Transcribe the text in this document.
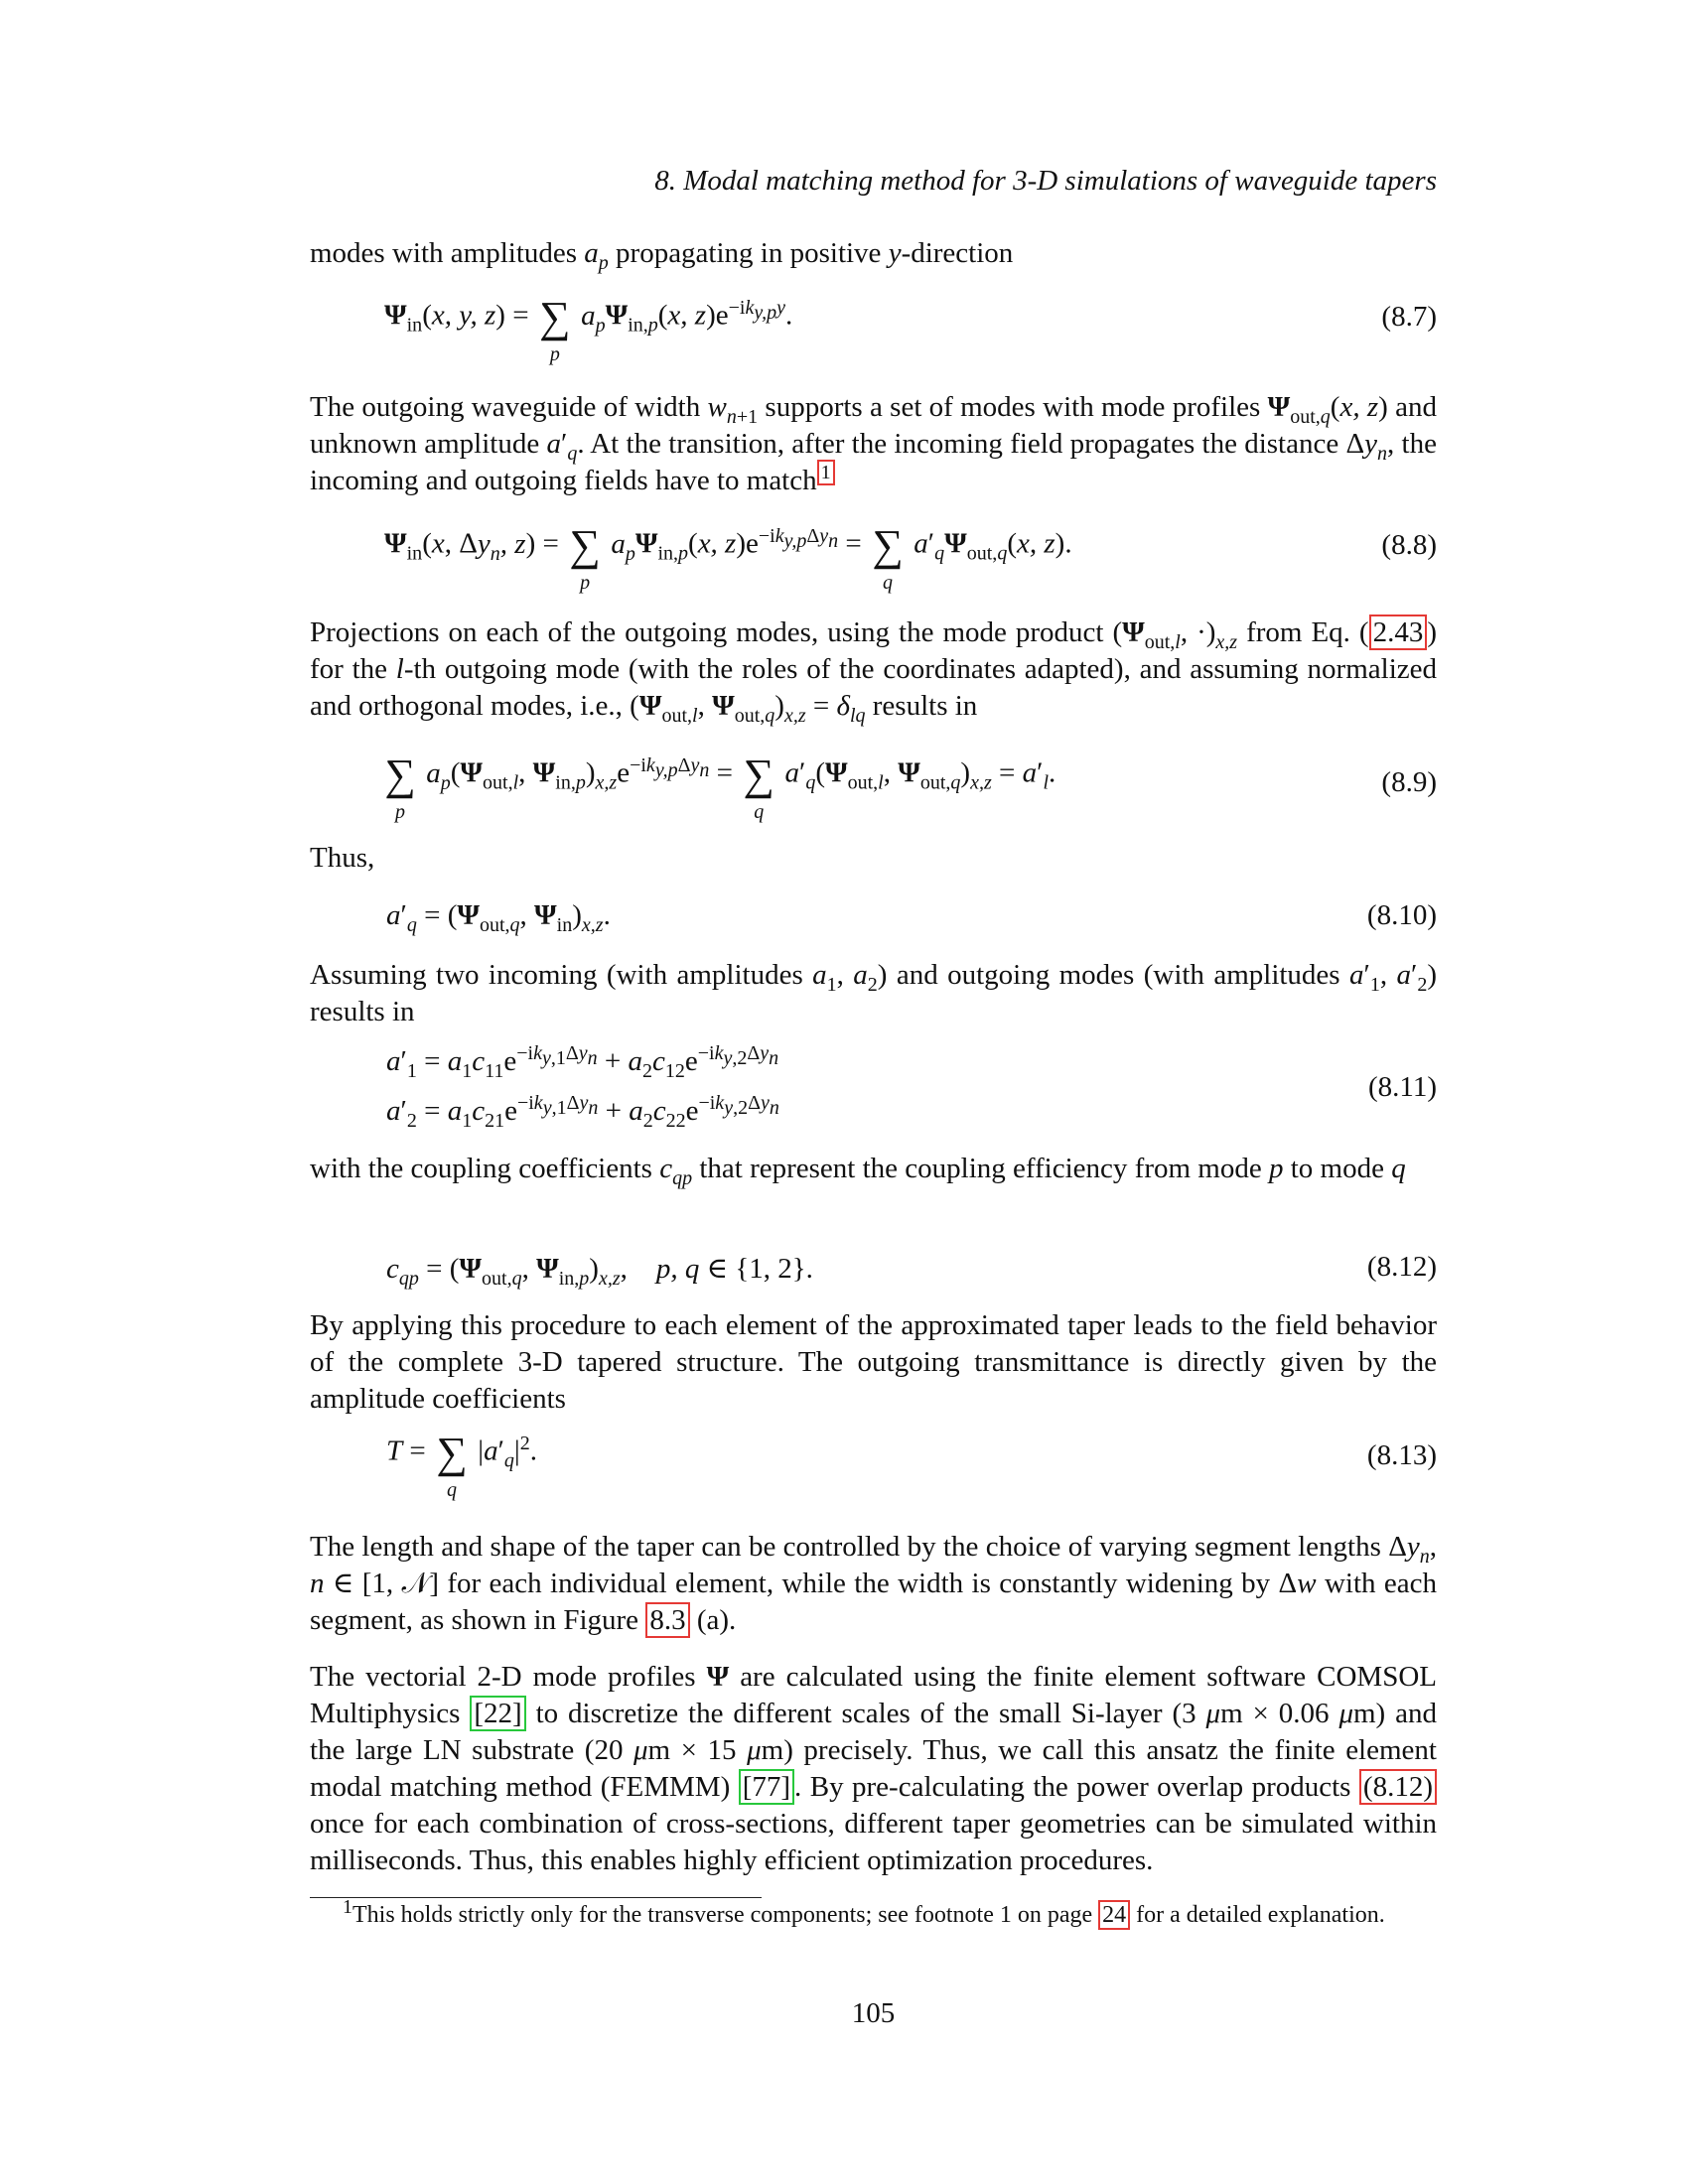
8. Modal matching method for 3-D simulations of waveguide tapers
modes with amplitudes $a_p$ propagating in positive y-direction
$\Psi_{in}(x$, y, z) = ∑
p
$a_p\Psi_{in,p}(x$, $z)e^{-ik_{y,p}y}$.	(8.7)
The outgoing waveguide of width $w_{n+1}$ supports a set of modes with mode profiles $\Psi_{out,q}(x$, z) and unknown amplitude $a'_q$. At the transition, after the incoming field propagates the distance $\Delta y_n$, the incoming and outgoing fields have to match $^1$
$\Psi_{in}(x$, $\Delta y_n$, z) = ∑
p
$a_p\Psi_{in,p}(x$, $z)e^{-ik_{y,p}\Delta y_n}$ = ∑
q
$a'_q\Psi_{out,q}(x$, z).	(8.8)
Projections on each of the outgoing modes, using the mode product ($\Psi_{out,l}$, $\cdot)_{x,z}$ from Eq. ( 2.43 ) for the l-th outgoing mode (with the roles of the coordinates adapted), and assuming normalized and orthogonal modes, i.e., ($\Psi_{out,l}$, $\Psi_{out,q})_{x,z} = \delta_{lq}$ results in
∑
p
$a_p(\Psi_{out,l}$, $\Psi_{in,p})_{x,z}e^{-ik_{y,p}\Delta y_n}$ = ∑
q
$a'_q(\Psi_{out,l}$, $\Psi_{out,q})_{x,z} = a'_l$.	(8.9)
Thus,
$a'_q = (\Psi_{out,q}$, $\Psi_{in})_{x,z}$.	(8.10)
Assuming two incoming (with amplitudes $a_1$, $a_2$) and outgoing modes (with amplitudes $a'_1$, $a'_2$) results in
$a'_1 = a_1c_{11}e^{-ik_{y,1}\Delta y_n} + a_2c_{12}e^{-ik_{y,2}\Delta y_n}$
$a'_2 = a_1c_{21}e^{-ik_{y,1}\Delta y_n} + a_2c_{22}e^{-ik_{y,2}\Delta y_n}$
(8.11)
with the coupling coefficients $c_{qp}$ that represent the coupling efficiency from mode p to mode q
$c_{qp} = (\Psi_{out,q}$, $\Psi_{in,p})_{x,z}$,    p, q ∈ {1, 2}.	(8.12)
By applying this procedure to each element of the approximated taper leads to the field behavior of the complete 3-D tapered structure. The outgoing transmittance is directly given by the amplitude coefficients
T = ∑
q
$|a'_q|^2$.	(8.13)
The length and shape of the taper can be controlled by the choice of varying segment lengths $\Delta y_n$, n ∈ [1, 𝒩] for each individual element, while the width is constantly widening by Δw with each segment, as shown in Figure 8.3 (a).
The vectorial 2-D mode profiles Ψ are calculated using the finite element software COMSOL Multiphysics [22] to discretize the different scales of the small Si-layer (3 μm × 0.06 μm) and the large LN substrate (20 μm × 15 μm) precisely. Thus, we call this ansatz the finite element modal matching method (FEMMM) [77] . By pre-calculating the power overlap products (8.12) once for each combination of cross-sections, different taper geometries can be simulated within milliseconds. Thus, this enables highly efficient optimization procedures.
$^1$This holds strictly only for the transverse components; see footnote 1 on page 24 for a detailed explanation.
105
